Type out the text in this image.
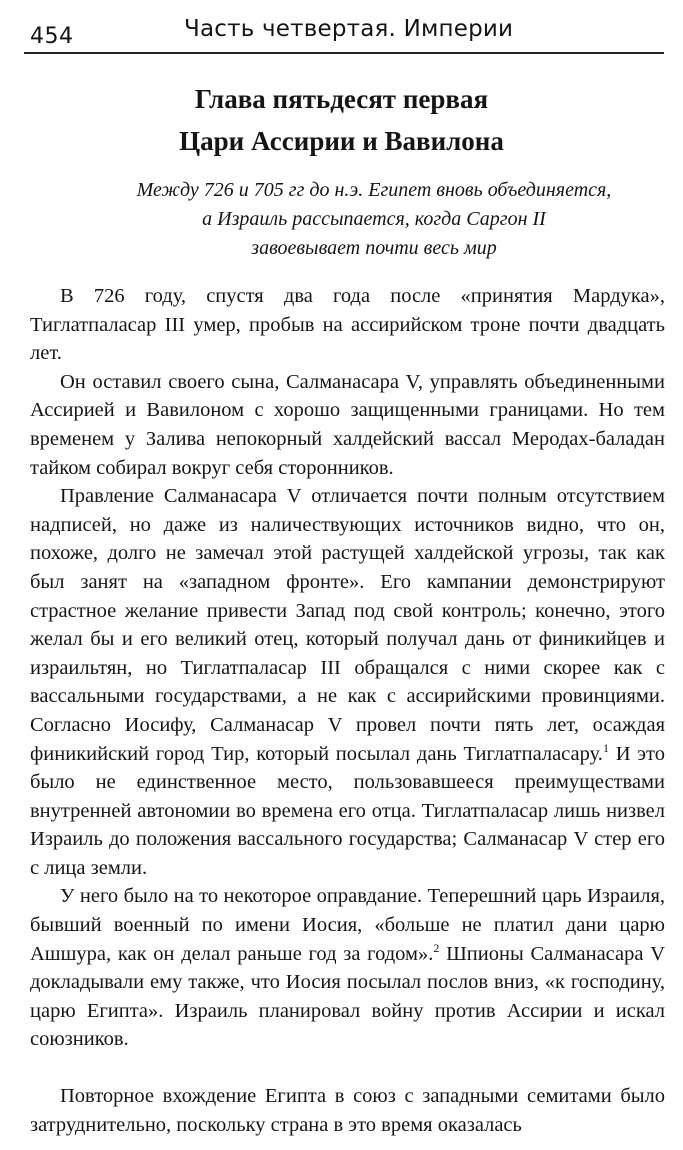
454	Часть четвертая. Империи
Глава пятьдесят первая
Цари Ассирии и Вавилона
Между 726 и 705 гг до н.э. Египет вновь объединяется,
а Израиль рассыпается, когда Саргон II
завоевывает почти весь мир

В 726 году, спустя два года после «принятия Мардука», Тиглатпаласар III умер, пробыв на ассирийском троне почти двадцать лет.

Он оставил своего сына, Салманасара V, управлять объединенными Ассирией и Вавилоном с хорошо защищенными границами. Но тем временем у Залива непокорный халдейский вассал Меродах-баладан тайком собирал вокруг себя сторонников.

Правление Салманасара V отличается почти полным отсутствием надписей, но даже из наличествующих источников видно, что он, похоже, долго не замечал этой растущей халдейской угрозы, так как был занят на «западном фронте». Его кампании демонстрируют страстное желание привести Запад под свой контроль; конечно, этого желал бы и его великий отец, который получал дань от финикийцев и израильтян, но Тиглатпаласар III обращался с ними скорее как с вассальными государствами, а не как с ассирийскими провинциями. Согласно Иосифу, Салманасар V провел почти пять лет, осаждая финикийский город Тир, который посылал дань Тиглатпаласару.$^1$ И это было не единственное место, пользовавшееся преимуществами внутренней автономии во времена его отца. Тиглатпаласар лишь низвел Израиль до положения вассального государства; Салманасар V стер его с лица земли.

У него было на то некоторое оправдание. Теперешний царь Израиля, бывший военный по имени Иосия, «больше не платил дани царю Ашшура, как он делал раньше год за годом».$^2$ Шпионы Салманасара V докладывали ему также, что Иосия посылал послов вниз, «к господину, царю Египта». Израиль планировал войну против Ассирии и искал союзников.

Повторное вхождение Египта в союз с западными семитами было затруднительно, поскольку страна в это время оказалась
